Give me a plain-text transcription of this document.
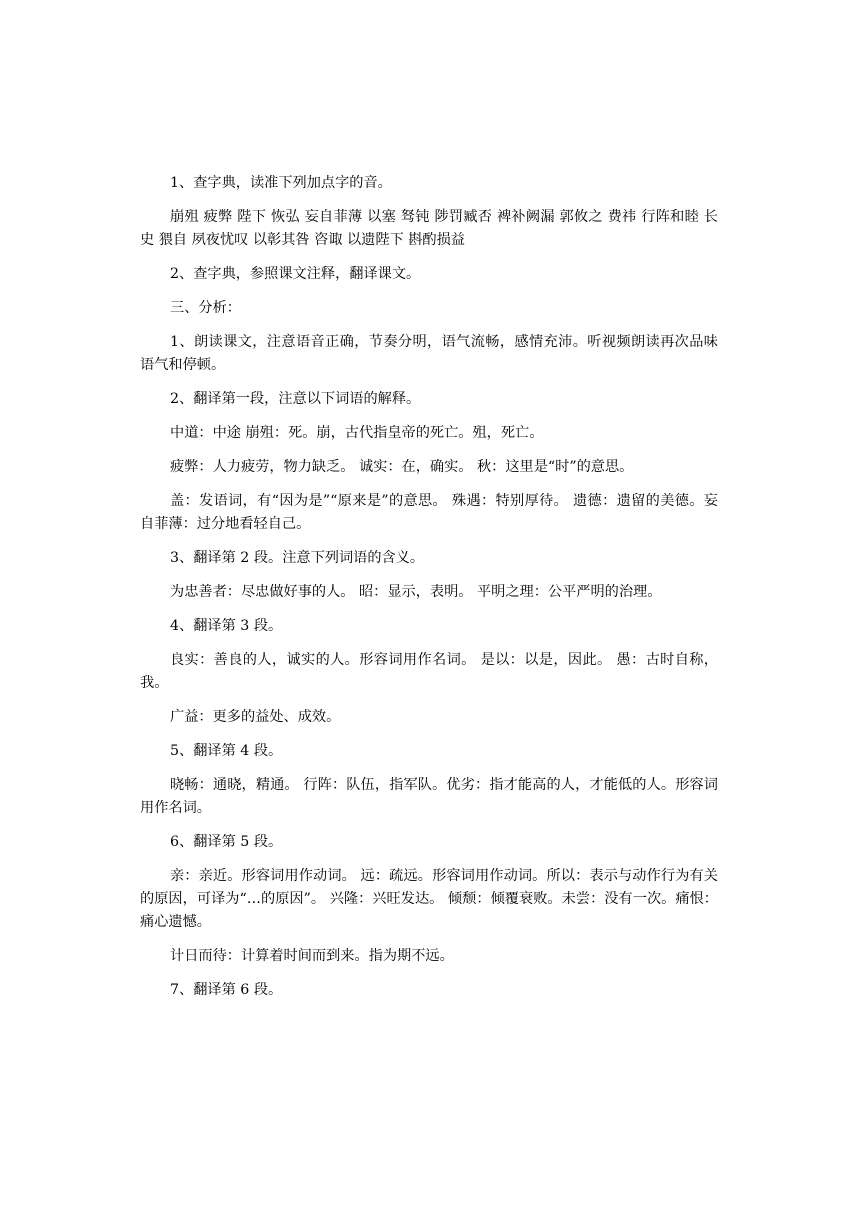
1、查字典，读准下列加点字的音。

崩殂 疲弊 陛下 恢弘 妄自菲薄 以塞 驽钝 陟罚臧否 裨补阙漏 郭攸之 费祎 行阵和睦 长史 猥自 夙夜忧叹 以彰其咎 咨诹 以遗陛下 斟酌损益

2、查字典，参照课文注释，翻译课文。

三、分析：

1、朗读课文，注意语音正确，节奏分明，语气流畅，感情充沛。听视频朗读再次品味语气和停顿。

2、翻译第一段，注意以下词语的解释。

中道：中途 崩殂：死。崩，古代指皇帝的死亡。殂，死亡。

疲弊：人力疲劳，物力缺乏。 诚实：在，确实。 秋：这里是“时”的意思。

盖：发语词，有“因为是”“原来是”的意思。 殊遇：特别厚待。 遗德：遗留的美德。妄自菲薄：过分地看轻自己。

3、翻译第 2 段。注意下列词语的含义。

为忠善者：尽忠做好事的人。 昭：显示，表明。 平明之理：公平严明的治理。

4、翻译第 3 段。

良实：善良的人，诚实的人。形容词用作名词。 是以：以是，因此。 愚：古时自称，我。

广益：更多的益处、成效。

5、翻译第 4 段。

晓畅：通晓，精通。 行阵：队伍，指军队。优劣：指才能高的人，才能低的人。形容词用作名词。

6、翻译第 5 段。

亲：亲近。形容词用作动词。 远：疏远。形容词用作动词。所以：表示与动作行为有关的原因，可译为“…的原因”。 兴隆：兴旺发达。 倾颓：倾覆衰败。未尝：没有一次。痛恨：痛心遗憾。

计日而待：计算着时间而到来。指为期不远。

7、翻译第 6 段。
